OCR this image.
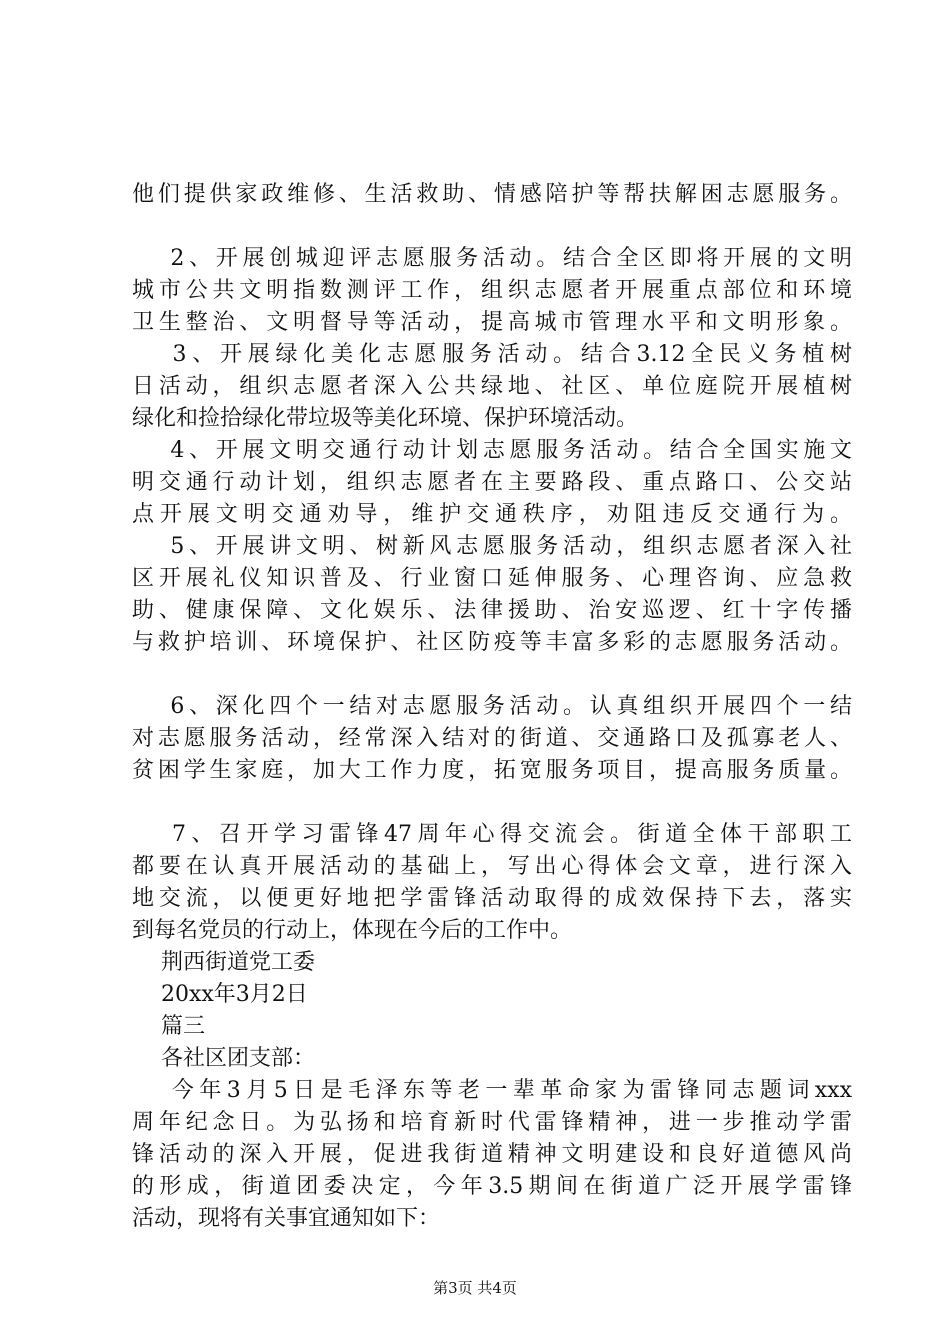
他们提供家政维修、生活救助、情感陪护等帮扶解困志愿服务。
　 2、开展创城迎评志愿服务活动。结合全区即将开展的文明
城市公共文明指数测评工作，组织志愿者开展重点部位和环境
卫生整治、文明督导等活动，提高城市管理水平和文明形象。
　 3、开展绿化美化志愿服务活动。结合3.12全民义务植树
日活动，组织志愿者深入公共绿地、社区、单位庭院开展植树
绿化和捡拾绿化带垃圾等美化环境、保护环境活动。
　 4、开展文明交通行动计划志愿服务活动。结合全国实施文
明交通行动计划，组织志愿者在主要路段、重点路口、公交站
点开展文明交通劝导，维护交通秩序，劝阻违反交通行为。
　 5、开展讲文明、树新风志愿服务活动，组织志愿者深入社
区开展礼仪知识普及、行业窗口延伸服务、心理咨询、应急救
助、健康保障、文化娱乐、法律援助、治安巡逻、红十字传播
与救护培训、环境保护、社区防疫等丰富多彩的志愿服务活动。
　 6、深化四个一结对志愿服务活动。认真组织开展四个一结
对志愿服务活动，经常深入结对的街道、交通路口及孤寡老人、
贫困学生家庭，加大工作力度，拓宽服务项目，提高服务质量。
　 7、召开学习雷锋47周年心得交流会。街道全体干部职工
都要在认真开展活动的基础上，写出心得体会文章，进行深入
地交流，以便更好地把学雷锋活动取得的成效保持下去，落实
到每名党员的行动上，体现在今后的工作中。
　 荆西街道党工委
　 20xx年3月2日
　 篇三
　 各社区团支部：
　 今年3月5日是毛泽东等老一辈革命家为雷锋同志题词xxx
周年纪念日。为弘扬和培育新时代雷锋精神，进一步推动学雷
锋活动的深入开展，促进我街道精神文明建设和良好道德风尚
的形成，街道团委决定，今年3.5期间在街道广泛开展学雷锋
活动，现将有关事宜通知如下：
第3页 共4页
